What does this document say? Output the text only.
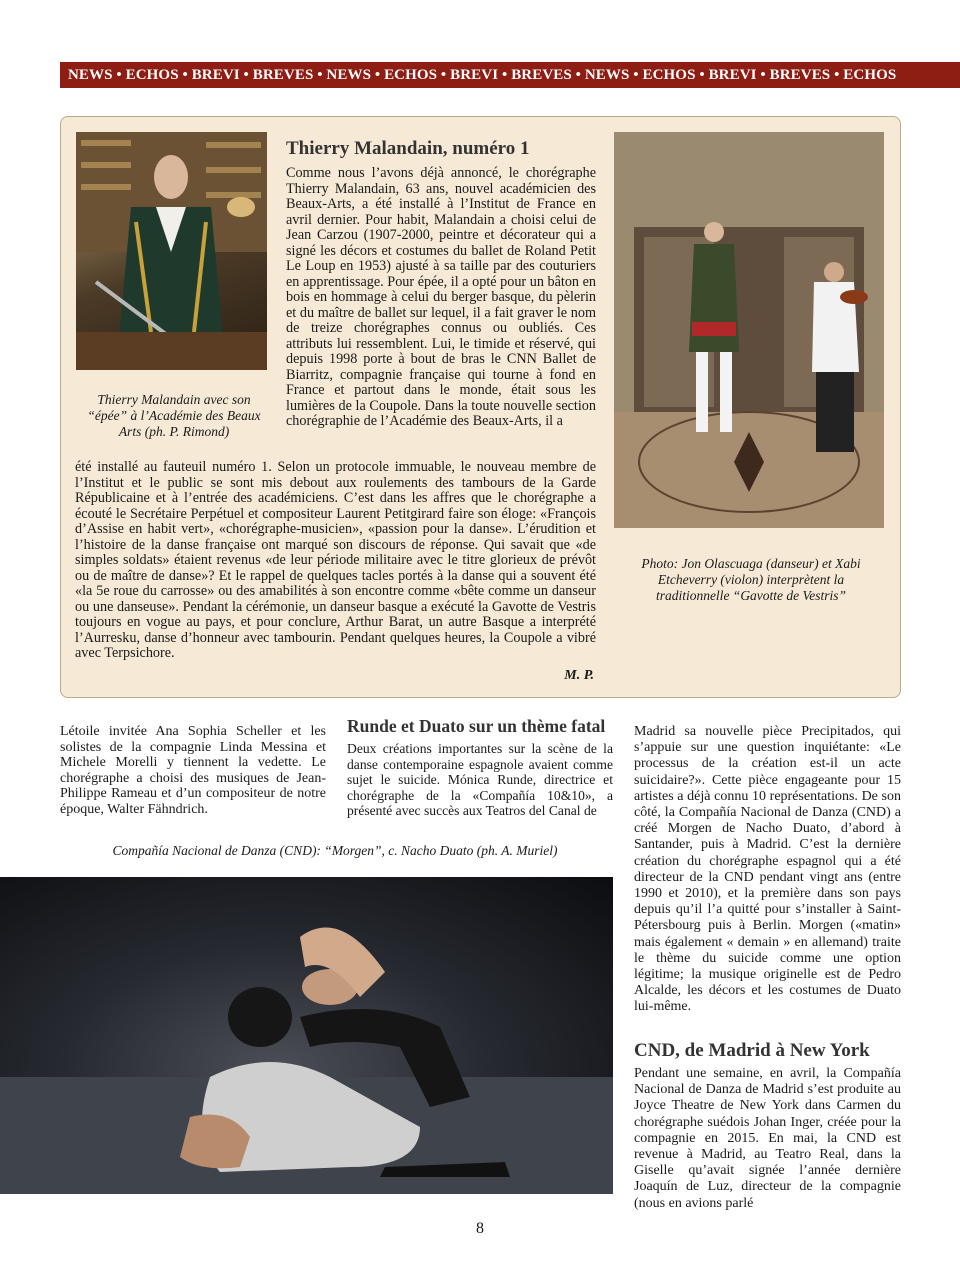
NEWS • ECHOS • BREVI • BREVES • NEWS • ECHOS • BREVI • BREVES • NEWS • ECHOS • BREVI • BREVES • ECHOS
Thierry Malandain avec son “épée” à l’Académie des Beaux Arts (ph. P. Rimond)
Thierry Malandain, numéro 1
Comme nous l’avons déjà annoncé, le chorégraphe Thierry Malandain, 63 ans, nouvel académicien des Beaux-Arts, a été installé à l’Institut de France en avril dernier. Pour habit, Malandain a choisi celui de Jean Carzou (1907-2000, peintre et décorateur qui a signé les décors et costumes du ballet de Roland Petit Le Loup en 1953) ajusté à sa taille par des couturiers en apprentissage. Pour épée, il a opté pour un bâton en bois en hommage à celui du berger basque, du pèlerin et du maître de ballet sur lequel, il a fait graver le nom de treize chorégraphes connus ou oubliés. Ces attributs lui ressemblent. Lui, le timide et réservé, qui depuis 1998 porte à bout de bras le CNN Ballet de Biarritz, compagnie française qui tourne à fond en France et partout dans le monde, était sous les lumières de la Coupole. Dans la toute nouvelle section chorégraphie de l’Académie des Beaux-Arts, il a
Photo: Jon Olascuaga (danseur) et Xabi Etcheverry (violon) interprètent la traditionnelle “Gavotte de Vestris”
été installé au fauteuil numéro 1. Selon un protocole immuable, le nouveau membre de l’Institut et le public se sont mis debout aux roulements des tambours de la Garde Républicaine et à l’entrée des académiciens. C’est dans les affres que le chorégraphe a écouté le Secrétaire Perpétuel et compositeur Laurent Petitgirard faire son éloge: «François d’Assise en habit vert», «chorégraphe-musicien», «passion pour la danse». L’érudition et l’histoire de la danse française ont marqué son discours de réponse. Qui savait que «de simples soldats» étaient revenus «de leur période militaire avec le titre glorieux de prévôt ou de maître de danse»? Et le rappel de quelques tacles portés à la danse qui a souvent été «la 5e roue du carrosse» ou des amabilités à son encontre comme «bête comme un danseur ou une danseuse». Pendant la cérémonie, un danseur basque a exécuté la Gavotte de Vestris toujours en vogue au pays, et pour conclure, Arthur Barat, un autre Basque a interprété l’Aurresku, danse d’honneur avec tambourin. Pendant quelques heures, la Coupole a vibré avec Terpsichore.
M. P.
Létoile invitée Ana Sophia Scheller et les solistes de la compagnie Linda Messina et Michele Morelli y tiennent la vedette. Le chorégraphe a choisi des musiques de Jean-Philippe Rameau et d’un compositeur de notre époque, Walter Fähndrich.
Runde et Duato sur un thème fatal
Deux créations importantes sur la scène de la danse contemporaine espagnole avaient comme sujet le suicide. Mónica Runde, directrice et chorégraphe de la «Compañía 10&10», a présenté avec succès aux Teatros del Canal de
Compañía Nacional de Danza (CND): “Morgen”, c. Nacho Duato (ph. A. Muriel)
Madrid sa nouvelle pièce Precipitados, qui s’appuie sur une question inquiétante: «Le processus de la création est-il un acte suicidaire?». Cette pièce engageante pour 15 artistes a déjà connu 10 représentations. De son côté, la Compañía Nacional de Danza (CND) a créé Morgen de Nacho Duato, d’abord à Santander, puis à Madrid. C’est la dernière création du chorégraphe espagnol qui a été directeur de la CND pendant vingt ans (entre 1990 et 2010), et la première dans son pays depuis qu’il l’a quitté pour s’installer à Saint-Pétersbourg puis à Berlin. Morgen («matin» mais également « demain » en allemand) traite le thème du suicide comme une option légitime; la musique originelle est de Pedro Alcalde, les décors et les costumes de Duato lui-même.
CND, de Madrid à New York
Pendant une semaine, en avril, la Compañía Nacional de Danza de Madrid s’est produite au Joyce Theatre de New York dans Carmen du chorégraphe suédois Johan Inger, créée pour la compagnie en 2015. En mai, la CND est revenue à Madrid, au Teatro Real, dans la Giselle qu’avait signée l’année dernière Joaquín de Luz, directeur de la compagnie (nous en avions parlé
8
